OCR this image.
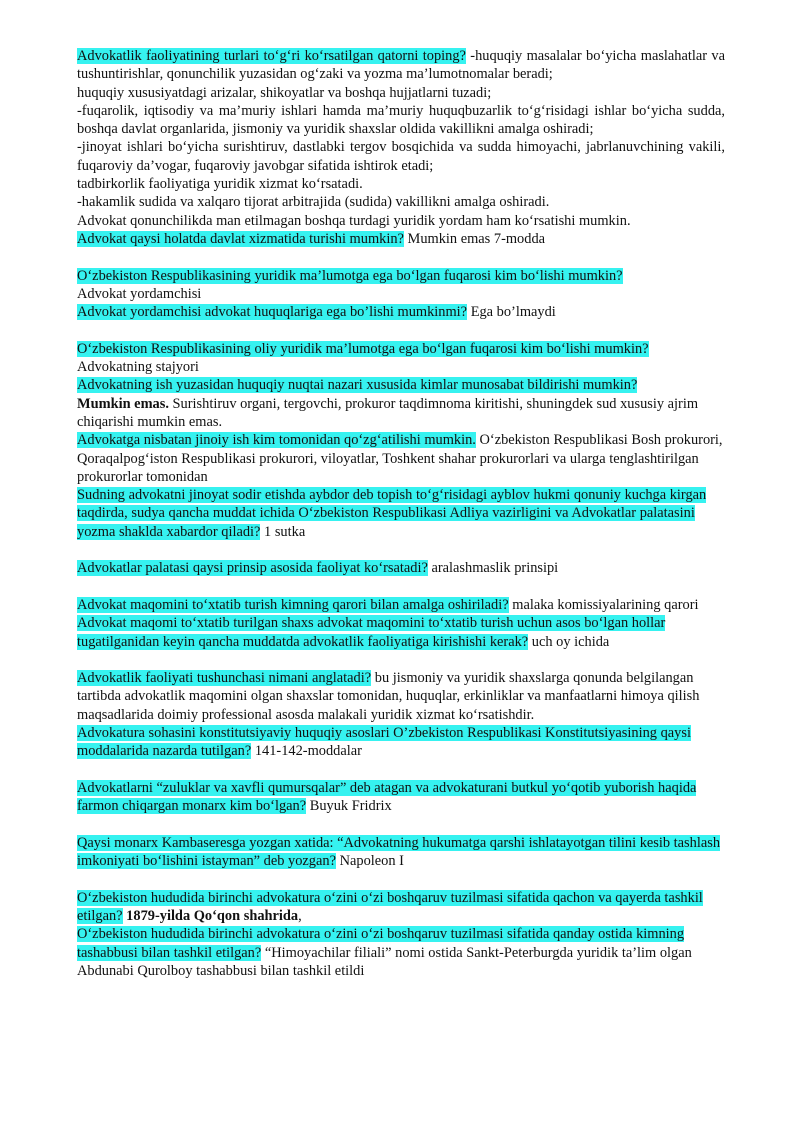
Advokatlik faoliyatining turlari to‘g‘ri ko‘rsatilgan qatorni toping? -huquqiy masalalar bo‘yicha maslahatlar va tushuntirishlar, qonunchilik yuzasidan og‘zaki va yozma ma’lumotnomalar beradi;

huquqiy xususiyatdagi arizalar, shikoyatlar va boshqa hujjatlarni tuzadi;

-fuqarolik, iqtisodiy va ma’muriy ishlari hamda ma’muriy huquqbuzarlik to‘g‘risidagi ishlar bo‘yicha sudda, boshqa davlat organlarida, jismoniy va yuridik shaxslar oldida vakillikni amalga oshiradi;

-jinoyat ishlari bo‘yicha surishtiruv, dastlabki tergov bosqichida va sudda himoyachi, jabrlanuvchining vakili, fuqaroviy da’vogar, fuqaroviy javobgar sifatida ishtirok etadi;

tadbirkorlik faoliyatiga yuridik xizmat ko‘rsatadi.

-hakamlik sudida va xalqaro tijorat arbitrajida (sudida) vakillikni amalga oshiradi.

Advokat qonunchilikda man etilmagan boshqa turdagi yuridik yordam ham ko‘rsatishi mumkin.

Advokat qaysi holatda davlat xizmatida turishi mumkin? Mumkin emas 7-modda

O‘zbekiston Respublikasining yuridik ma’lumotga ega bo‘lgan fuqarosi kim bo‘lishi mumkin?

Advokat yordamchisi

Advokat yordamchisi advokat huquqlariga ega bo’lishi mumkinmi? Ega bo’lmaydi

O‘zbekiston Respublikasining oliy yuridik ma’lumotga ega bo‘lgan fuqarosi kim bo‘lishi mumkin?

Advokatning stajyori

Advokatning ish yuzasidan huquqiy nuqtai nazari xususida kimlar munosabat bildirishi mumkin?
Mumkin emas. Surishtiruv organi, tergovchi, prokuror taqdimnoma kiritishi, shuningdek sud xususiy ajrim chiqarishi mumkin emas.

Advokatga nisbatan jinoiy ish kim tomonidan qo‘zg‘atilishi mumkin. O‘zbekiston Respublikasi Bosh prokurori, Qoraqalpog‘iston Respublikasi prokurori, viloyatlar, Toshkent shahar prokurorlari va ularga tenglashtirilgan prokurorlar tomonidan

Sudning advokatni jinoyat sodir etishda aybdor deb topish to‘g‘risidagi ayblov hukmi qonuniy kuchga kirgan taqdirda, sudya qancha muddat ichida O‘zbekiston Respublikasi Adliya vazirligini va Advokatlar palatasini yozma shaklda xabardor qiladi? 1 sutka

Advokatlar palatasi qaysi prinsip asosida faoliyat ko‘rsatadi? aralashmaslik prinsipi

Advokat maqomini to‘xtatib turish kimning qarori bilan amalga oshiriladi? malaka komissiyalarining qarori

Advokat maqomi to‘xtatib turilgan shaxs advokat maqomini to‘xtatib turish uchun asos bo‘lgan hollar tugatilganidan keyin qancha muddatda advokatlik faoliyatiga kirishishi kerak? uch oy ichida

Advokatlik faoliyati tushunchasi nimani anglatadi? bu jismoniy va yuridik shaxslarga qonunda belgilangan tartibda advokatlik maqomini olgan shaxslar tomonidan, huquqlar, erkinliklar va manfaatlarni himoya qilish maqsadlarida doimiy professional asosda malakali yuridik xizmat ko‘rsatishdir.

Advokatura sohasini konstitutsiyaviy huquqiy asoslari O’zbekiston Respublikasi Konstitutsiyasining qaysi moddalarida nazarda tutilgan? 141-142-moddalar

Advokatlarni “zuluklar va xavfli qumursqalar” deb atagan va advokaturani butkul yo‘qotib yuborish haqida farmon chiqargan monarx kim bo‘lgan? Buyuk Fridrix

Qaysi monarx Kambaseresga yozgan xatida: “Advokatning hukumatga qarshi ishlatayotgan tilini kesib tashlash imkoniyati bo‘lishini istayman” deb yozgan? Napoleon I

O‘zbekiston hududida birinchi advokatura o‘zini o‘zi boshqaruv tuzilmasi sifatida qachon va qayerda tashkil etilgan? 1879-yilda Qo‘qon shahrida,

O‘zbekiston hududida birinchi advokatura o‘zini o‘zi boshqaruv tuzilmasi sifatida qanday ostida kimning tashabbusi bilan tashkil etilgan? “Himoyachilar filiali” nomi ostida Sankt-Peterburgda yuridik ta’lim olgan Abdunabi Qurolboy tashabbusi bilan tashkil etildi
